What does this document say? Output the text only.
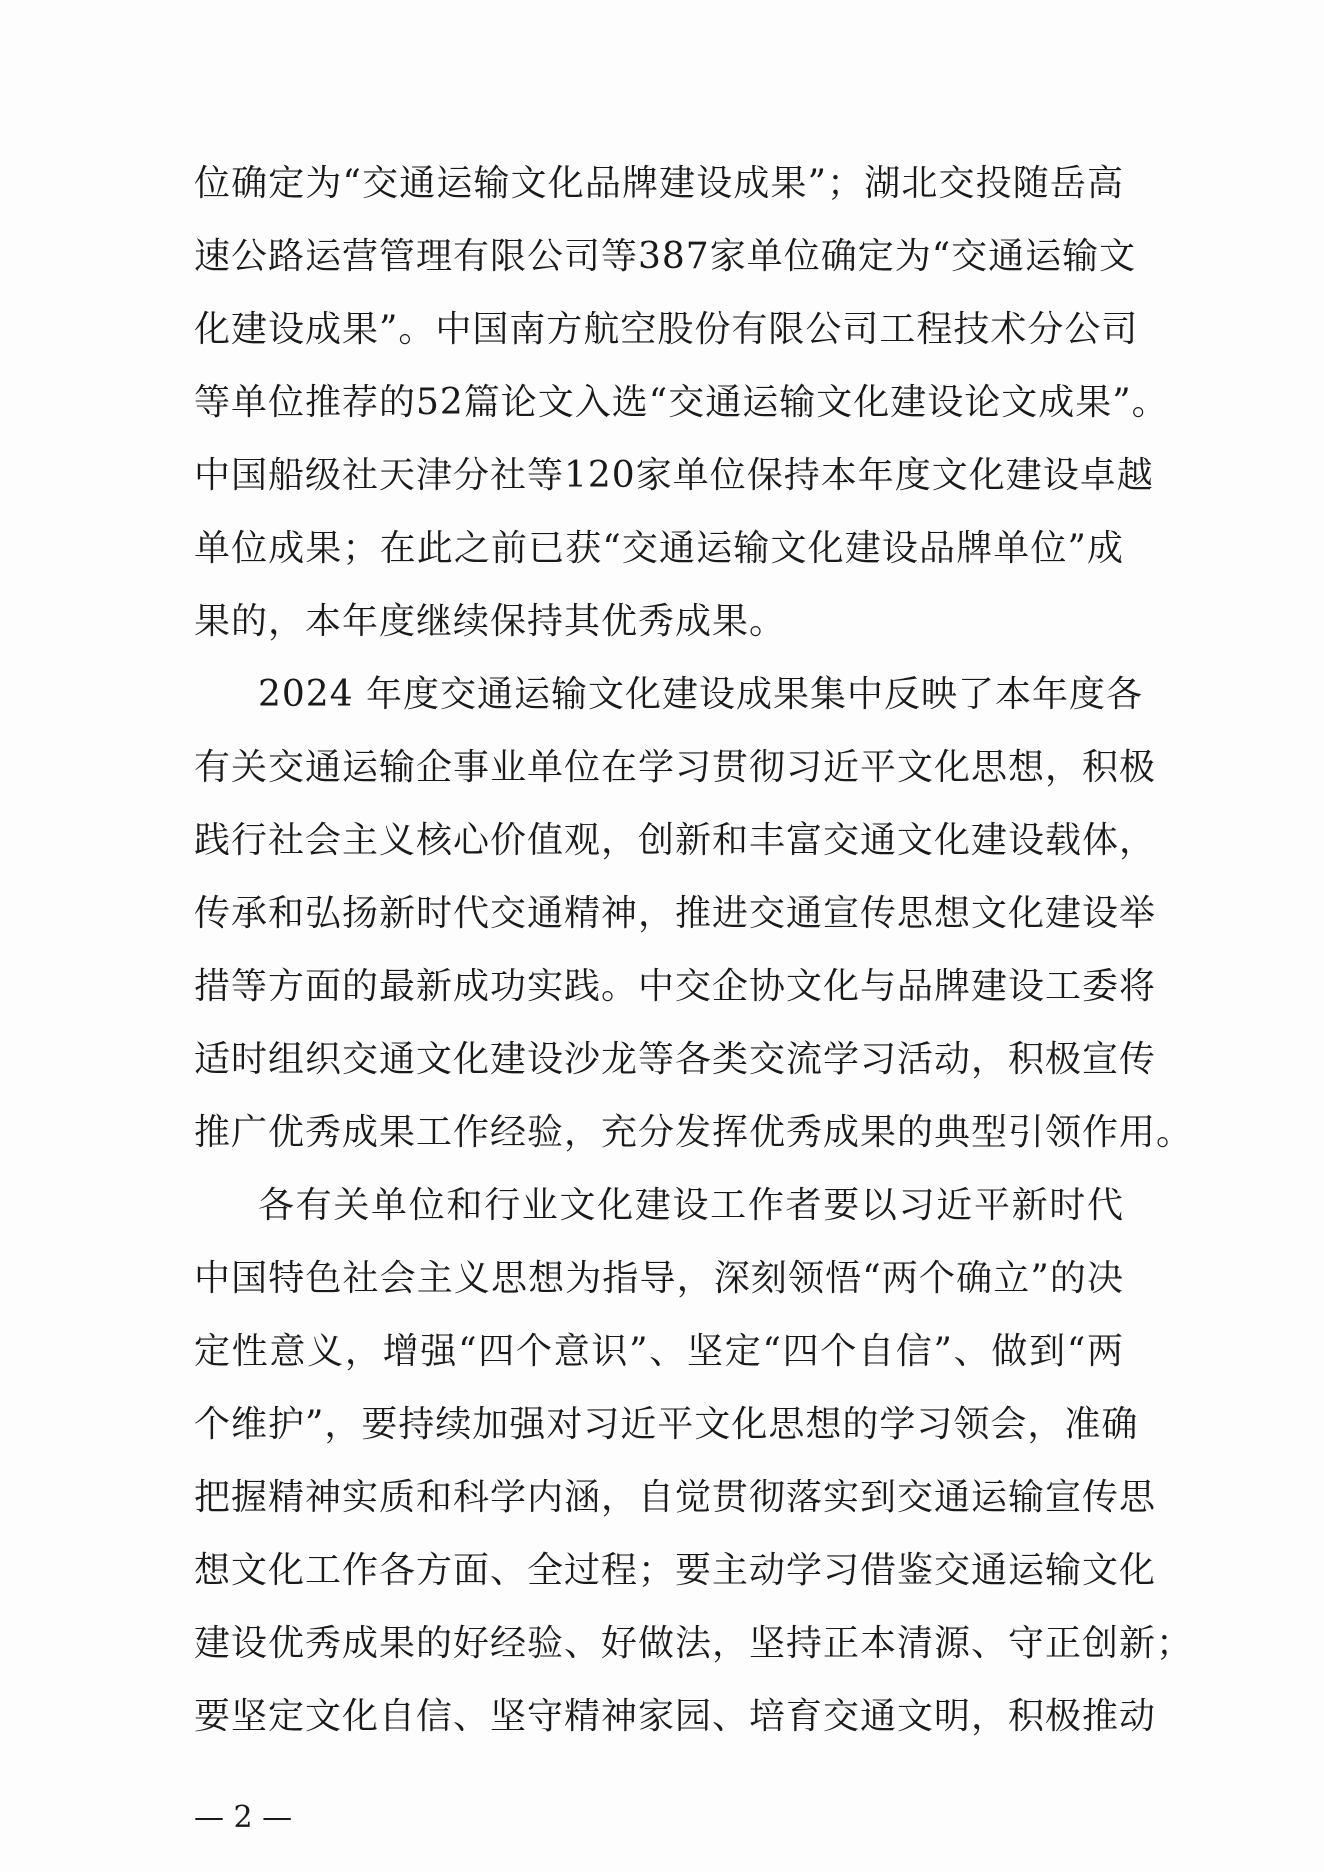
位确定为“交通运输文化品牌建设成果”；湖北交投随岳高
速公路运营管理有限公司等387家单位确定为“交通运输文
化建设成果”。中国南方航空股份有限公司工程技术分公司
等单位推荐的52篇论文入选“交通运输文化建设论文成果”。
中国船级社天津分社等120家单位保持本年度文化建设卓越
单位成果；在此之前已获“交通运输文化建设品牌单位”成
果的，本年度继续保持其优秀成果。
2024 年度交通运输文化建设成果集中反映了本年度各
有关交通运输企事业单位在学习贯彻习近平文化思想，积极
践行社会主义核心价值观，创新和丰富交通文化建设载体，
传承和弘扬新时代交通精神，推进交通宣传思想文化建设举
措等方面的最新成功实践。中交企协文化与品牌建设工委将
适时组织交通文化建设沙龙等各类交流学习活动，积极宣传
推广优秀成果工作经验，充分发挥优秀成果的典型引领作用。
各有关单位和行业文化建设工作者要以习近平新时代
中国特色社会主义思想为指导，深刻领悟“两个确立”的决
定性意义，增强“四个意识”、坚定“四个自信”、做到“两
个维护”，要持续加强对习近平文化思想的学习领会，准确
把握精神实质和科学内涵，自觉贯彻落实到交通运输宣传思
想文化工作各方面、全过程；要主动学习借鉴交通运输文化
建设优秀成果的好经验、好做法，坚持正本清源、守正创新；
— 2 —
要坚定文化自信、坚守精神家园、培育交通文明，积极推动
